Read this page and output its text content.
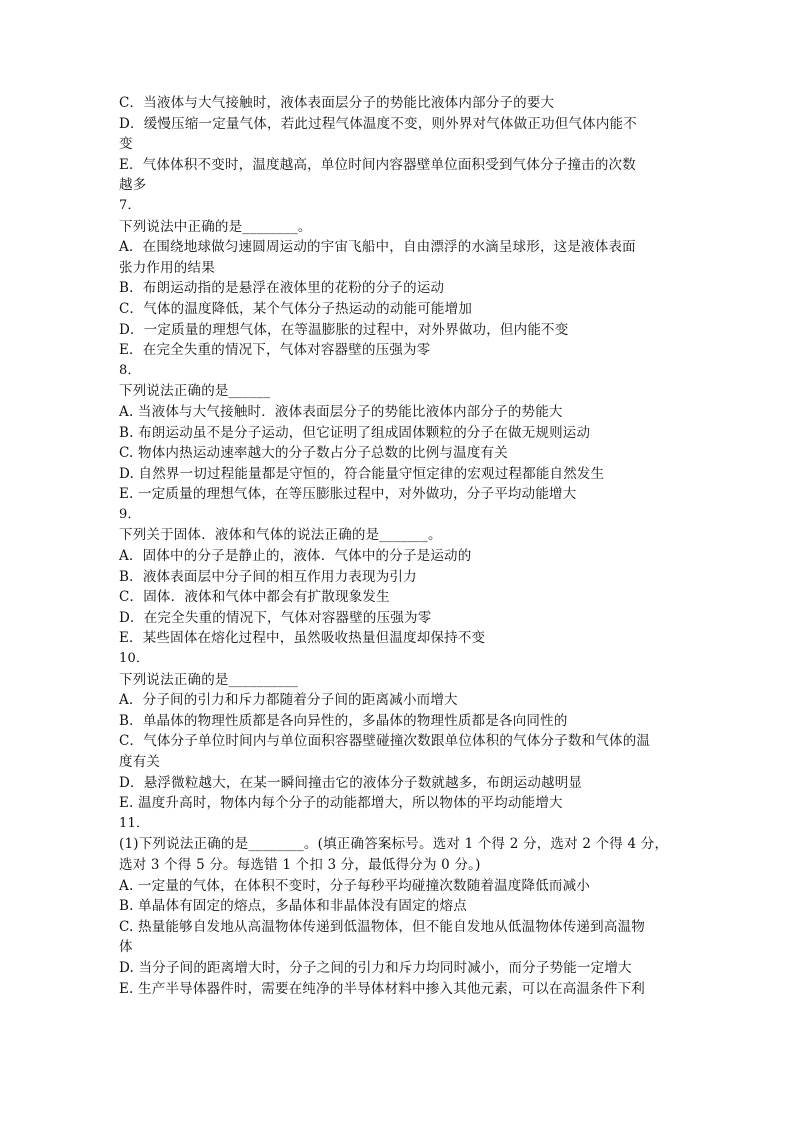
C．当液体与大气接触时，液体表面层分子的势能比液体内部分子的要大
D．缓慢压缩一定量气体，若此过程气体温度不变，则外界对气体做正功但气体内能不
变
E．气体体积不变时，温度越高，单位时间内容器壁单位面积受到气体分子撞击的次数
越多
7．
下列说法中正确的是________。
A．在围绕地球做匀速圆周运动的宇宙飞船中，自由漂浮的水滴呈球形，这是液体表面
张力作用的结果
B．布朗运动指的是悬浮在液体里的花粉的分子的运动
C．气体的温度降低，某个气体分子热运动的动能可能增加
D．一定质量的理想气体，在等温膨胀的过程中，对外界做功，但内能不变
E．在完全失重的情况下，气体对容器壁的压强为零
8．
下列说法正确的是______
A. 当液体与大气接触时．液体表面层分子的势能比液体内部分子的势能大
B. 布朗运动虽不是分子运动，但它证明了组成固体颗粒的分子在做无规则运动
C. 物体内热运动速率越大的分子数占分子总数的比例与温度有关
D. 自然界一切过程能量都是守恒的，符合能量守恒定律的宏观过程都能自然发生
E. 一定质量的理想气体，在等压膨胀过程中，对外做功，分子平均动能增大
9．
下列关于固体．液体和气体的说法正确的是_______。
A．固体中的分子是静止的，液体．气体中的分子是运动的
B．液体表面层中分子间的相互作用力表现为引力
C．固体．液体和气体中都会有扩散现象发生
D．在完全失重的情况下，气体对容器壁的压强为零
E．某些固体在熔化过程中，虽然吸收热量但温度却保持不变
10．
下列说法正确的是__________
A．分子间的引力和斥力都随着分子间的距离减小而增大
B．单晶体的物理性质都是各向异性的，多晶体的物理性质都是各向同性的
C．气体分子单位时间内与单位面积容器壁碰撞次数跟单位体积的气体分子数和气体的温
度有关
D．悬浮微粒越大，在某一瞬间撞击它的液体分子数就越多，布朗运动越明显
E. 温度升高时，物体内每个分子的动能都增大，所以物体的平均动能增大
11．
(1)下列说法正确的是________。(填正确答案标号。选对 1 个得 2 分，选对 2 个得 4 分，
选对 3 个得 5 分。每选错 1 个扣 3 分，最低得分为 0 分。)
A. 一定量的气体，在体积不变时，分子每秒平均碰撞次数随着温度降低而减小
B. 单晶体有固定的熔点，多晶体和非晶体没有固定的熔点
C. 热量能够自发地从高温物体传递到低温物体，但不能自发地从低温物体传递到高温物
体
D. 当分子间的距离增大时，分子之间的引力和斥力均同时减小，而分子势能一定增大
E. 生产半导体器件时，需要在纯净的半导体材料中掺入其他元素，可以在高温条件下利
